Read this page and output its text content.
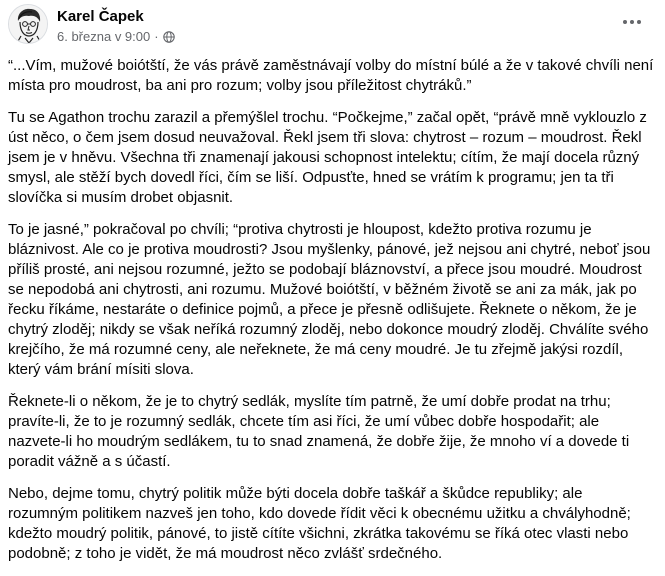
Karel Čapek
6. března v 9:00 ·

“...Vím, mužové boiótští, že vás právě zaměstnávají volby do místní búlé a že v takové chvíli není místa pro moudrost, ba ani pro rozum; volby jsou příležitost chytráků.”

Tu se Agathon trochu zarazil a přemýšlel trochu. “Počkejme,” začal opět, “právě mně vyklouzlo z úst něco, o čem jsem dosud neuvažoval. Řekl jsem tři slova: chytrost – rozum – moudrost. Řekl jsem je v hněvu. Všechna tři znamenají jakousi schopnost intelektu; cítím, že mají docela různý smysl, ale stěží bych dovedl říci, čím se liší. Odpusťte, hned se vrátím k programu; jen ta tři slovíčka si musím drobet objasnit.

To je jasné,” pokračoval po chvíli; “protiva chytrosti je hloupost, kdežto protiva rozumu je bláznivost. Ale co je protiva moudrosti? Jsou myšlenky, pánové, jež nejsou ani chytré, neboť jsou příliš prosté, ani nejsou rozumné, ježto se podobají bláznovství, a přece jsou moudré. Moudrost se nepodobá ani chytrosti, ani rozumu. Mužové boiótští, v běžném životě se ani za mák, jak po řecku říkáme, nestaráte o definice pojmů, a přece je přesně odlišujete. Řeknete o někom, že je chytrý zloděj; nikdy se však neříká rozumný zloděj, nebo dokonce moudrý zloděj. Chválíte svého krejčího, že má rozumné ceny, ale neřeknete, že má ceny moudré. Je tu zřejmě jakýsi rozdíl, který vám brání mísiti slova.

Řeknete-li o někom, že je to chytrý sedlák, myslíte tím patrně, že umí dobře prodat na trhu; pravíte-li, že to je rozumný sedlák, chcete tím asi říci, že umí vůbec dobře hospodařit; ale nazvete-li ho moudrým sedlákem, tu to snad znamená, že dobře žije, že mnoho ví a dovede ti poradit vážně a s účastí.

Nebo, dejme tomu, chytrý politik může býti docela dobře taškář a škůdce republiky; ale rozumným politikem nazveš jen toho, kdo dovede řídit věci k obecnému užitku a chvályhodně; kdežto moudrý politik, pánové, to jistě cítíte všichni, zkrátka takovému se říká otec vlasti nebo podobně; z toho je vidět, že má moudrost něco zvlášť srdečného.
